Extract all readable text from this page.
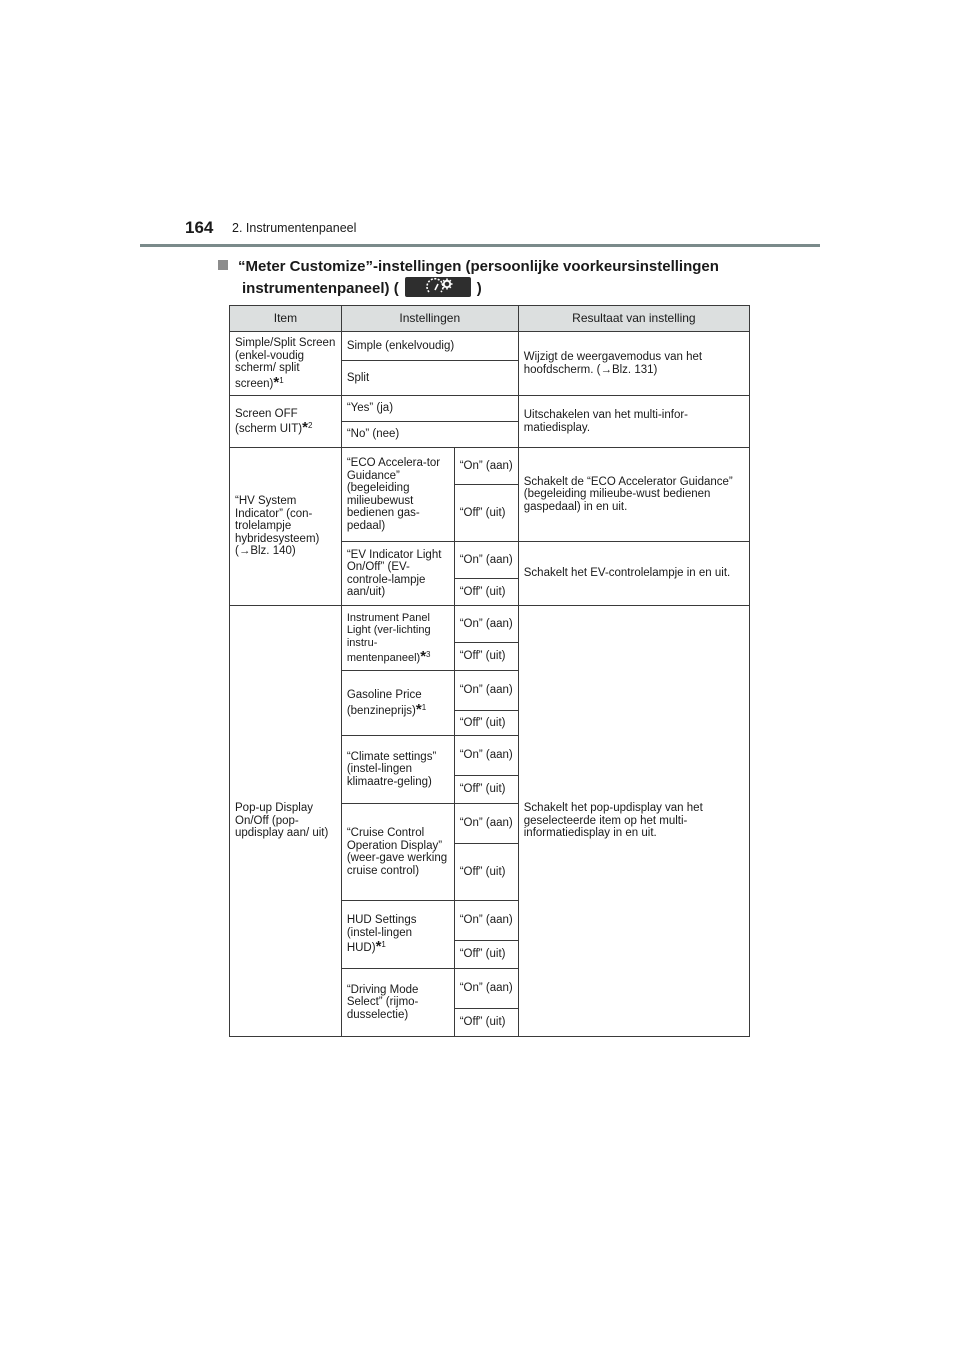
164 2. Instrumentenpaneel
“Meter Customize”-instellingen (persoonlijke voorkeursinstellingen
instrumentenpaneel) (	)
Item	Instellingen		Resultaat van instelling
Simple/Split Screen (enkel-voudig scherm/ split screen)*$^1$	Simple (enkelvoudig)		Wijzigt de weergavemodus van het hoofdscherm. (→Blz. 131)
	Split		
Screen OFF (scherm UIT)*$^2$	“Yes” (ja)		Uitschakelen van het multi-infor-matiedisplay.
	“No” (nee)		
“HV System Indicator” (con-trolelampje hybridesysteem) (→Blz. 140)	“ECO Accelera-tor Guidance” (begeleiding milieubewust bedienen gas-pedaal)	“On” (aan)	Schakelt de “ECO Accelerator Guidance” (begeleiding milieube-wust bedienen gaspedaal) in en uit.
		“Off” (uit)	
	“EV Indicator Light On/Off” (EV-controle-lampje aan/uit)	“On” (aan)	Schakelt het EV-controlelampje in en uit.
		“Off” (uit)	
Pop-up Display On/Off (pop-updisplay aan/ uit)	Instrument Panel Light (ver-lichting instru-mentenpaneel)*$^3$	“On” (aan)	Schakelt het pop-updisplay van het geselecteerde item op het multi-informatiedisplay in en uit.
		“Off” (uit)	
	Gasoline Price (benzineprijs)*$^1$	“On” (aan)	
		“Off” (uit)	
	“Climate settings” (instel-lingen klimaatre-geling)	“On” (aan)	
		“Off” (uit)	
	“Cruise Control Operation Display” (weer-gave werking cruise control)	“On” (aan)	
		“Off” (uit)	
	HUD Settings (instel-lingen HUD)*$^1$	“On” (aan)	
		“Off” (uit)	
	“Driving Mode Select” (rijmo-dusselectie)	“On” (aan)	
		“Off” (uit)	
